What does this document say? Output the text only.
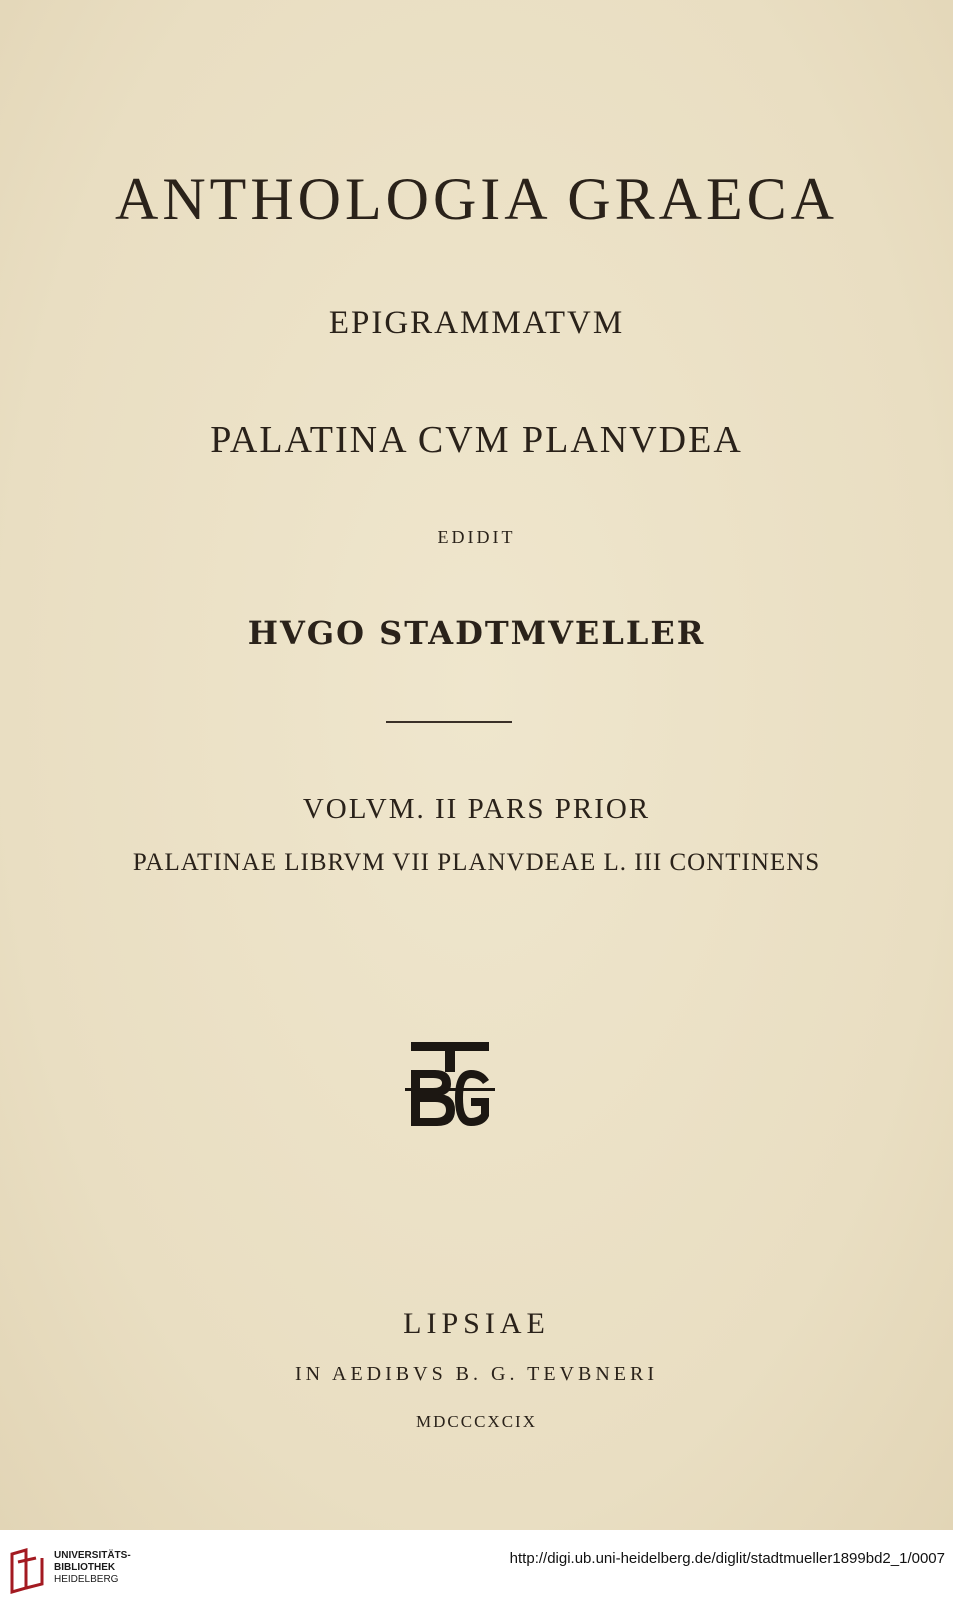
ANTHOLOGIA GRAECA
EPIGRAMMATVM
PALATINA CVM PLANVDEA
EDIDIT
HVGO STADTMVELLER
VOLVM. II PARS PRIOR
PALATINAE LIBRVM VII PLANVDEAE L. III CONTINENS
LIPSIAE
IN AEDIBVS B. G. TEVBNERI
MDCCCXCIX
UNIVERSITÄTS-
BIBLIOTHEK
HEIDELBERG
http://digi.ub.uni-heidelberg.de/diglit/stadtmueller1899bd2_1/0007
